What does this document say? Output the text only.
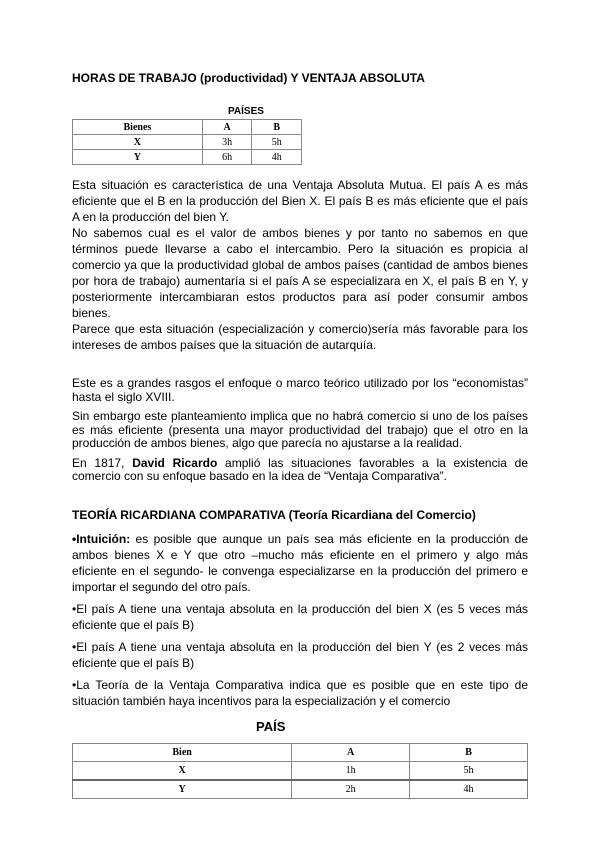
HORAS DE TRABAJO (productividad) Y VENTAJA ABSOLUTA
PAÍSES
Bienes	A	B
X	3h	5h
Y	6h	4h
Esta situación es característica de una Ventaja Absoluta Mutua. El país A es más eficiente que el B en la producción del Bien X. El país B es más eficiente que el país A en la producción del bien Y.
No sabemos cual es el valor de ambos bienes y por tanto no sabemos en que términos puede llevarse a cabo el intercambio. Pero la situación es propicia al comercio ya que la productividad global de ambos países (cantidad de ambos bienes por hora de trabajo) aumentaría si el país A se especializara en X, el país B en Y, y posteriormente intercambiaran estos productos para así poder consumir ambos bienes.
Parece que esta situación (especialización y comercio)sería más favorable para los intereses de ambos países que la situación de autarquía.
Este es a grandes rasgos el enfoque o marco teórico utilizado por los “economistas” hasta el siglo XVIII.
Sin embargo este planteamiento implica que no habrá comercio si uno de los países es más eficiente (presenta una mayor productividad del trabajo) que el otro en la producción de ambos bienes, algo que parecía no ajustarse a la realidad.
En 1817, David Ricardo amplió las situaciones favorables a la existencia de comercio con su enfoque basado en la idea de “Ventaja Comparativa”.
TEORÍA RICARDIANA COMPARATIVA (Teoría Ricardiana del Comercio)
•Intuición: es posible que aunque un país sea más eficiente en la producción de ambos bienes X e Y que otro –mucho más eficiente en el primero y algo más eficiente en el segundo- le convenga especializarse en la producción del primero e importar el segundo del otro país.
•El país A tiene una ventaja absoluta en la producción del bien X (es 5 veces más eficiente que el país B)
•El país A tiene una ventaja absoluta en la producción del bien Y (es 2 veces más eficiente que el país B)
•La Teoría de la Ventaja Comparativa indica que es posible que en este tipo de situación también haya incentivos para la especialización y el comercio
PAÍS
Bien	A	B
X	1h	5h
Y	2h	4h
